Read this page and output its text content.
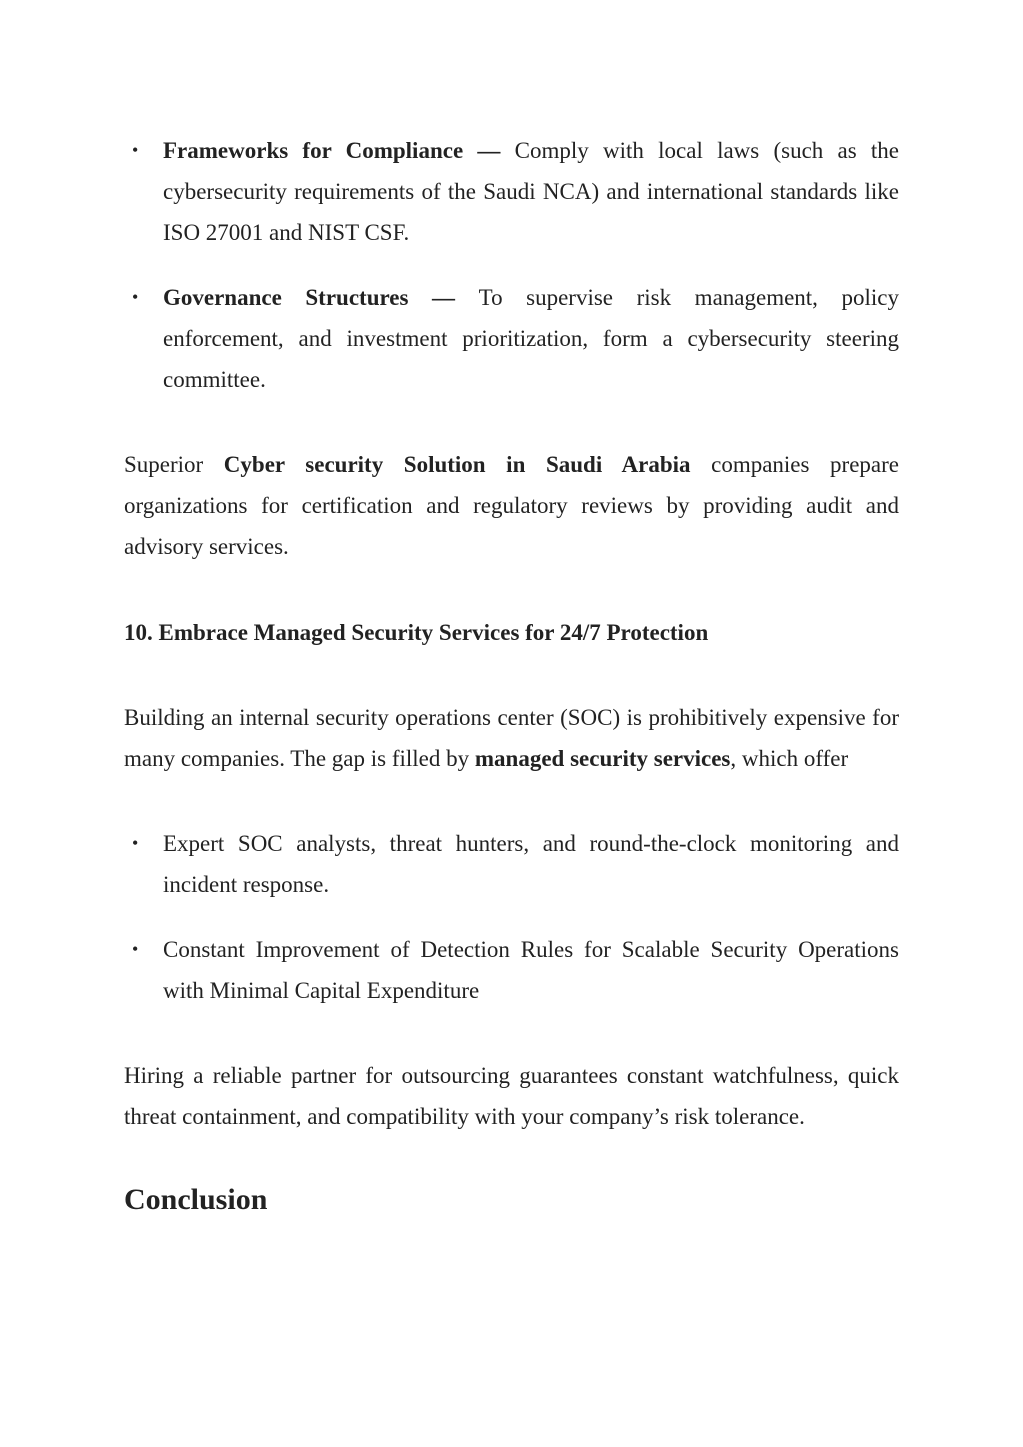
• Frameworks for Compliance — Comply with local laws (such as the cybersecurity requirements of the Saudi NCA) and international standards like ISO 27001 and NIST CSF.
• Governance Structures — To supervise risk management, policy enforcement, and investment prioritization, form a cybersecurity steering committee.

Superior Cyber security Solution in Saudi Arabia companies prepare organizations for certification and regulatory reviews by providing audit and advisory services.

10. Embrace Managed Security Services for 24/7 Protection

Building an internal security operations center (SOC) is prohibitively expensive for many companies. The gap is filled by managed security services, which offer

• Expert SOC analysts, threat hunters, and round-the-clock monitoring and incident response.
• Constant Improvement of Detection Rules for Scalable Security Operations with Minimal Capital Expenditure

Hiring a reliable partner for outsourcing guarantees constant watchfulness, quick threat containment, and compatibility with your company’s risk tolerance.

Conclusion
